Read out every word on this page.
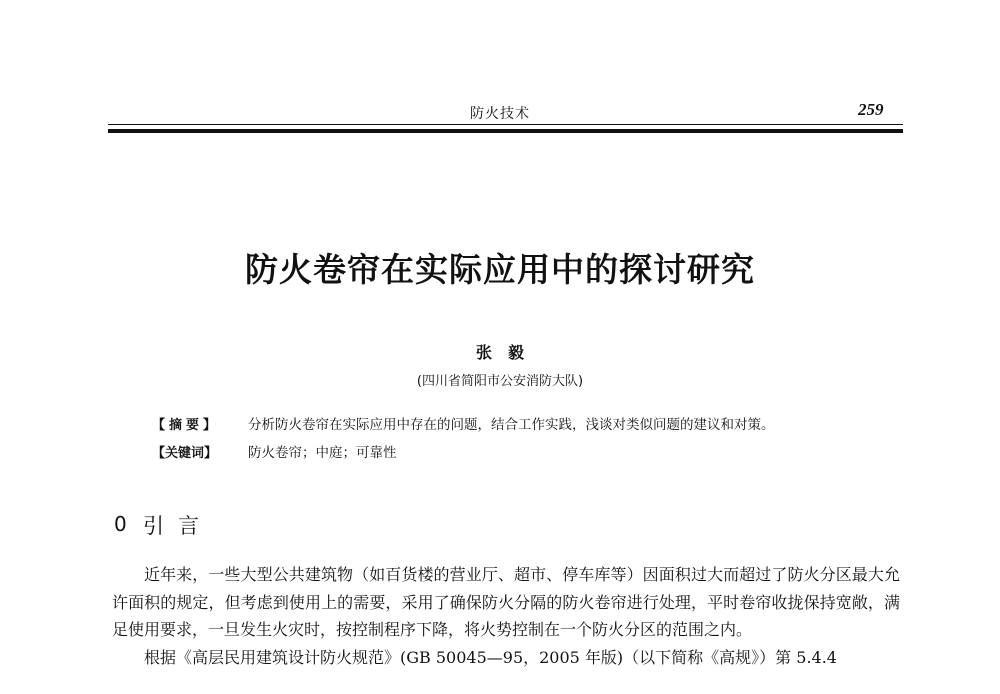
防火技术	259
防火卷帘在实际应用中的探讨研究
张毅
(四川省简阳市公安消防大队)
【摘要】 分析防火卷帘在实际应用中存在的问题，结合工作实践，浅谈对类似问题的建议和对策。
【关键词】 防火卷帘；中庭；可靠性
0 引言

近年来，一些大型公共建筑物（如百货楼的营业厅、超市、停车库等）因面积过大而超过了防火分区最大允许面积的规定，但考虑到使用上的需要，采用了确保防火分隔的防火卷帘进行处理，平时卷帘收拢保持宽敞，满足使用要求，一旦发生火灾时，按控制程序下降，将火势控制在一个防火分区的范围之内。

根据《高层民用建筑设计防火规范》(GB 50045—95，2005 年版)（以下简称《高规》）第 5.4.4
